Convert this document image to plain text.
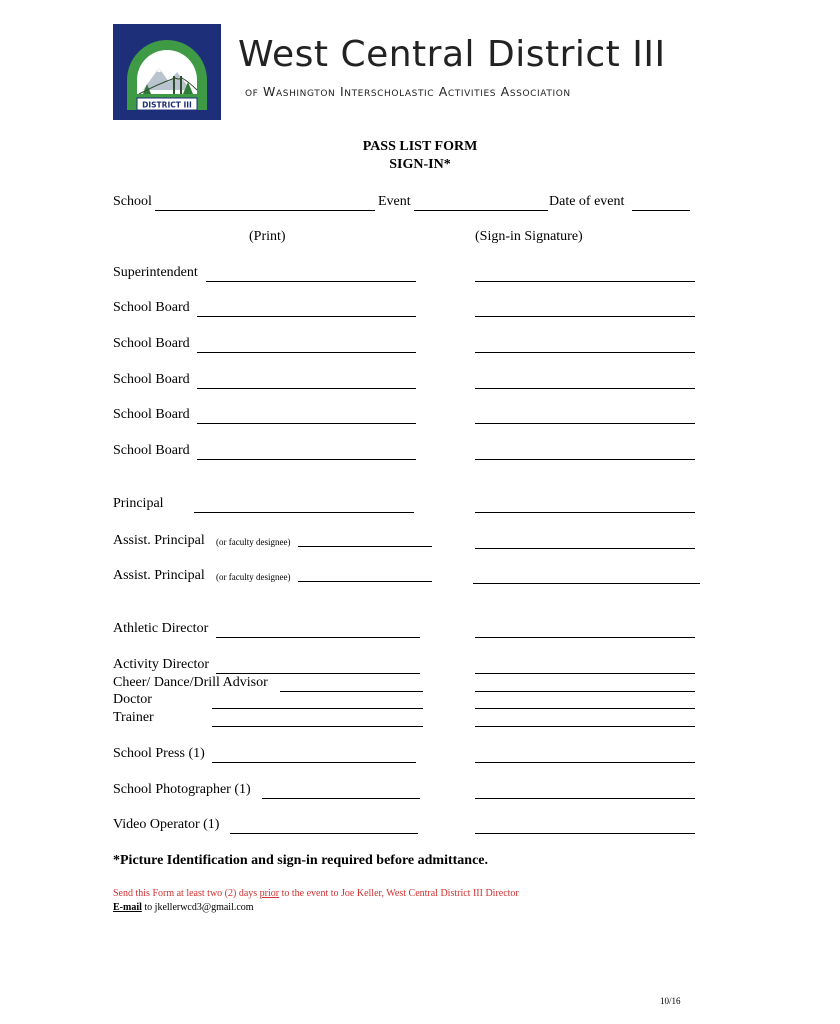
WEST CENTRAL
DISTRICT III
West Central District III
of Washington Interscholastic Activities Association
PASS LIST FORM
SIGN-IN*
School	Event	Date of event
(Print)	(Sign-in Signature)
Superintendent
School Board
School Board
School Board
School Board
School Board
Principal
Assist. Principal (or faculty designee)
Assist. Principal (or faculty designee)
Athletic Director
Activity Director
Cheer/ Dance/Drill Advisor
Doctor
Trainer
School Press (1)
School Photographer (1)
Video Operator (1)
*Picture Identification and sign-in required before admittance.
Send this Form at least two (2) days prior to the event to Joe Keller, West Central District III Director
E-mail to jkellerwcd3@gmail.com
10/16
